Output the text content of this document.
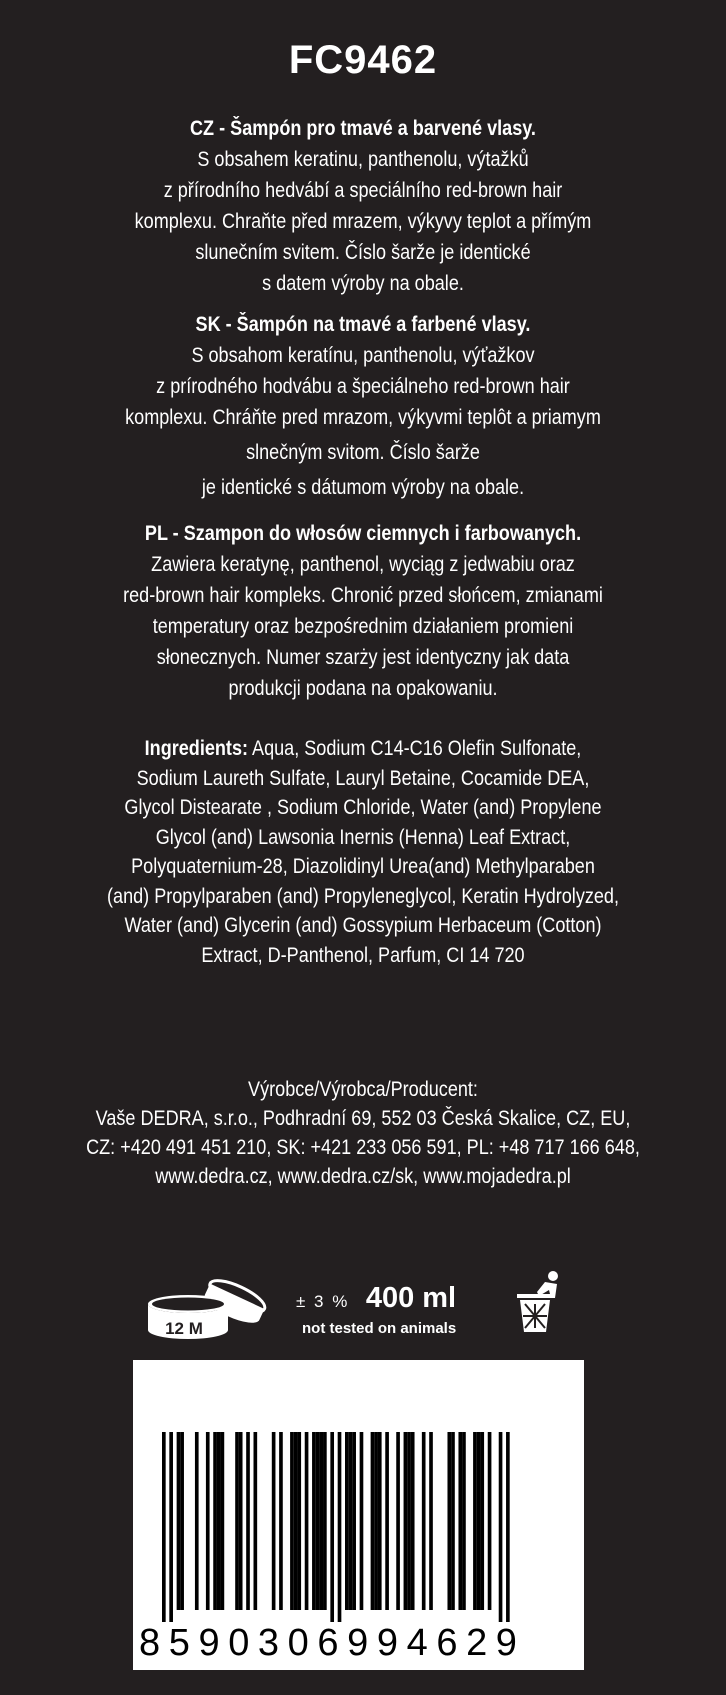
FC9462
CZ - Šampón pro tmavé a barvené vlasy.
S obsahem keratinu, panthenolu, výtažků
z přírodního hedvábí a speciálního red-brown hair
komplexu. Chraňte před mrazem, výkyvy teplot a přímým
slunečním svitem. Číslo šarže je identické
s datem výroby na obale.
SK - Šampón na tmavé a farbené vlasy.
S obsahom keratínu, panthenolu, výťažkov
z prírodného hodvábu a špeciálneho red-brown hair
komplexu. Chráňte pred mrazom, výkyvmi teplôt a priamym
slnečným svitom. Číslo šarže
je identické s dátumom výroby na obale.
PL - Szampon do włosów ciemnych i farbowanych.
Zawiera keratynę, panthenol, wyciąg z jedwabiu oraz
red-brown hair kompleks. Chronić przed słońcem, zmianami
temperatury oraz bezpośrednim działaniem promieni
słonecznych. Numer szarży jest identyczny jak data
produkcji podana na opakowaniu.
Ingredients: Aqua, Sodium C14-C16 Olefin Sulfonate,
Sodium Laureth Sulfate, Lauryl Betaine, Cocamide DEA,
Glycol Distearate , Sodium Chloride, Water (and) Propylene
Glycol (and) Lawsonia Inernis (Henna) Leaf Extract,
Polyquaternium-28, Diazolidinyl Urea(and) Methylparaben
(and) Propylparaben (and) Propyleneglycol, Keratin Hydrolyzed,
Water (and) Glycerin (and) Gossypium Herbaceum (Cotton)
Extract, D-Panthenol, Parfum, CI 14 720
Výrobce/Výrobca/Producent:
Vaše DEDRA, s.r.o., Podhradní 69, 552 03 Česká Skalice, CZ, EU,
CZ: +420 491 451 210, SK: +421 233 056 591, PL: +48 717 166 648,
www.dedra.cz, www.dedra.cz/sk, www.mojadedra.pl
12 M
± 3 % 400 ml
not tested on animals
8590306994629
